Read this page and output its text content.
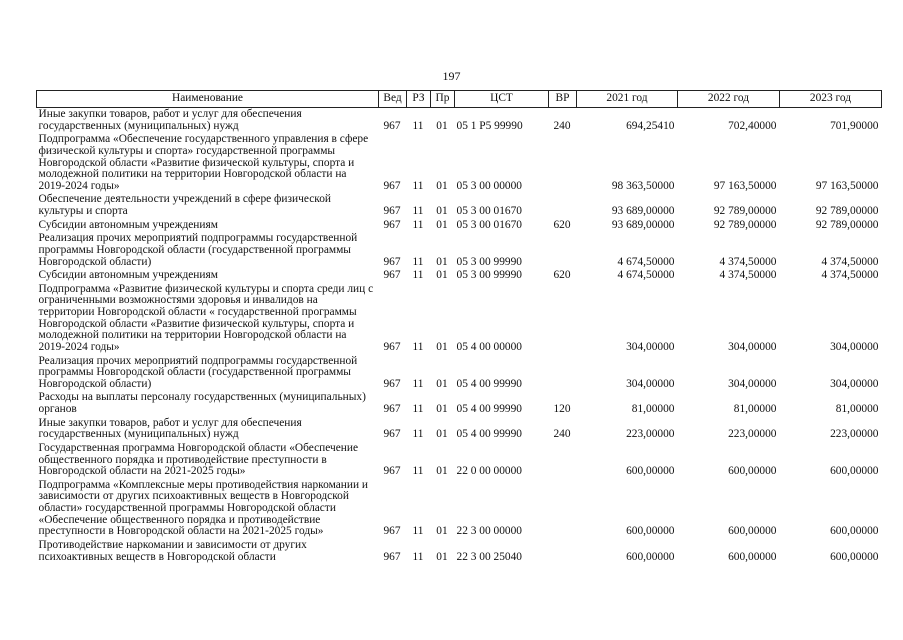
197
Наименование	Вед	РЗ	Пр	ЦСТ	ВР	2021 год	2022 год	2023 год
Иные закупки товаров, работ и услуг для обеспечения государственных (муниципальных) нужд	967	11	01	05 1 Р5 99990	240	694,25410	702,40000	701,90000
Подпрограмма «Обеспечение государственного управления в сфере физической культуры и спорта» государственной программы Новгородской области «Развитие физической культуры, спорта и молодежной политики на территории Новгородской области на 2019-2024 годы»	967	11	01	05 3 00 00000		98 363,50000	97 163,50000	97 163,50000
Обеспечение деятельности учреждений в сфере физической культуры и спорта	967	11	01	05 3 00 01670		93 689,00000	92 789,00000	92 789,00000
Субсидии автономным учреждениям	967	11	01	05 3 00 01670	620	93 689,00000	92 789,00000	92 789,00000
Реализация прочих мероприятий подпрограммы государственной программы Новгородской области (государственной программы Новгородской области)	967	11	01	05 3 00 99990		4 674,50000	4 374,50000	4 374,50000
Субсидии автономным учреждениям	967	11	01	05 3 00 99990	620	4 674,50000	4 374,50000	4 374,50000
Подпрограмма «Развитие физической культуры и спорта среди лиц с ограниченными возможностями здоровья и инвалидов на территории Новгородской области « государственной программы Новгородской области «Развитие физической культуры, спорта и молодежной политики на территории Новгородской области на 2019-2024 годы»	967	11	01	05 4 00 00000		304,00000	304,00000	304,00000
Реализация прочих мероприятий подпрограммы государственной программы Новгородской области (государственной программы Новгородской области)	967	11	01	05 4 00 99990		304,00000	304,00000	304,00000
Расходы на выплаты персоналу государственных (муниципальных) органов	967	11	01	05 4 00 99990	120	81,00000	81,00000	81,00000
Иные закупки товаров, работ и услуг для обеспечения государственных (муниципальных) нужд	967	11	01	05 4 00 99990	240	223,00000	223,00000	223,00000
Государственная программа Новгородской области «Обеспечение общественного порядка и противодействие преступности в Новгородской области на 2021-2025 годы»	967	11	01	22 0 00 00000		600,00000	600,00000	600,00000
Подпрограмма «Комплексные меры противодействия наркомании и зависимости от других психоактивных веществ в Новгородской области» государственной программы Новгородской области «Обеспечение общественного порядка и противодействие преступности в Новгородской области на 2021-2025 годы»	967	11	01	22 3 00 00000		600,00000	600,00000	600,00000
Противодействие наркомании и зависимости от других психоактивных веществ в Новгородской области	967	11	01	22 3 00 25040		600,00000	600,00000	600,00000
